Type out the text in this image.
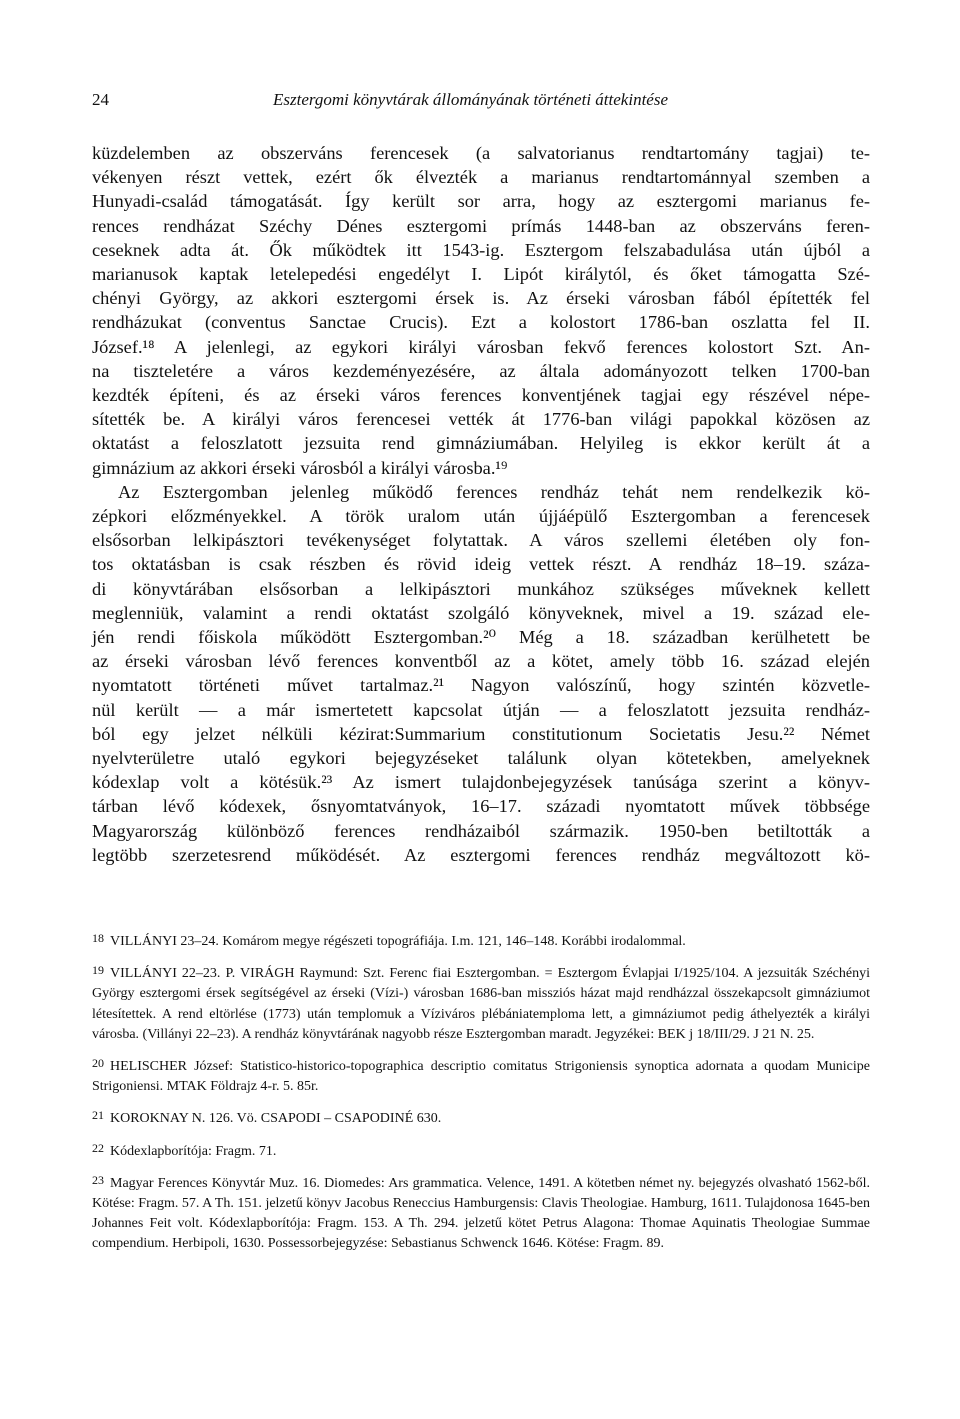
24	Esztergomi könyvtárak állományának történeti áttekintése
küzdelemben az obszerváns ferencesek (a salvatorianus rendtartomány tagjai) te-
vékenyen részt vettek, ezért ők élvezték a marianus rendtartománnyal szemben a
Hunyadi-család támogatását. Így került sor arra, hogy az esztergomi marianus fe-
rences rendházat Széchy Dénes esztergomi prímás 1448-ban az obszerváns feren-
ceseknek adta át. Ők működtek itt 1543-ig. Esztergom felszabadulása után újból a
marianusok kaptak letelepedési engedélyt I. Lipót királytól, és őket támogatta Szé-
chényi György, az akkori esztergomi érsek is. Az érseki városban fából építették fel
rendházukat (conventus Sanctae Crucis). Ezt a kolostort 1786-ban oszlatta fel II.
József.¹⁸ A jelenlegi, az egykori királyi városban fekvő ferences kolostort Szt. An-
na tiszteletére a város kezdeményezésére, az általa adományozott telken 1700-ban
kezdték építeni, és az érseki város ferences konventjének tagjai egy részével népe-
sítették be. A királyi város ferencesei vették át 1776-ban világi papokkal közösen az
oktatást a feloszlatott jezsuita rend gimnáziumában. Helyileg is ekkor került át a
gimnázium az akkori érseki városból a királyi városba.¹⁹
Az Esztergomban jelenleg működő ferences rendház tehát nem rendelkezik kö-
zépkori előzményekkel. A török uralom után újjáépülő Esztergomban a ferencesek
elsősorban lelkipásztori tevékenységet folytattak. A város szellemi életében oly fon-
tos oktatásban is csak részben és rövid ideig vettek részt. A rendház 18–19. száza-
di könyvtárában elsősorban a lelkipásztori munkához szükséges műveknek kellett
meglenniük, valamint a rendi oktatást szolgáló könyveknek, mivel a 19. század ele-
jén rendi főiskola működött Esztergomban.²⁰ Még a 18. században kerülhetett be
az érseki városban lévő ferences konventből az a kötet, amely több 16. század elején
nyomtatott történeti művet tartalmaz.²¹ Nagyon valószínű, hogy szintén közvetle-
nül került — a már ismertetett kapcsolat útján — a feloszlatott jezsuita rendház-
ból egy jelzet nélküli kézirat:Summarium constitutionum Societatis Jesu.²² Német
nyelvterületre utaló egykori bejegyzéseket találunk olyan kötetekben, amelyeknek
kódexlap volt a kötésük.²³ Az ismert tulajdonbejegyzések tanúsága szerint a könyv-
tárban lévő kódexek, ősnyomtatványok, 16–17. századi nyomtatott művek többsége
Magyarország különböző ferences rendházaiból származik. 1950-ben betiltották a
legtöbb szerzetesrend működését. Az esztergomi ferences rendház megváltozott kö-

18 VILLÁNYI 23–24. Komárom megye régészeti topográfiája. I.m. 121, 146–148. Korábbi irodalommal.

19 VILLÁNYI 22–23. P. VIRÁGH Raymund: Szt. Ferenc fiai Esztergomban. = Esztergom Évlapjai I/1925/104. A jezsuiták Széchényi György esztergomi érsek segítségével az érseki (Vízi-) városban 1686-ban missziós házat majd rendházzal összekapcsolt gimnáziumot létesítettek. A rend eltörlése (1773) után templomuk a Víziváros plébániatemploma lett, a gimnáziumot pedig áthelyezték a királyi városba. (Villányi 22–23). A rendház könyvtárának nagyobb része Esztergomban maradt. Jegyzékei: BEK j 18/III/29. J 21 N. 25.

20 HELISCHER József: Statistico-historico-topographica descriptio comitatus Strigoniensis synoptica adornata a quodam Municipe Strigoniensi. MTAK Földrajz 4-r. 5. 85r.

21 KOROKNAY N. 126. Vö. CSAPODI – CSAPODINÉ 630.

22 Kódexlapborítója: Fragm. 71.

23 Magyar Ferences Könyvtár Muz. 16. Diomedes: Ars grammatica. Velence, 1491. A kötetben német ny. bejegyzés olvasható 1562-ből. Kötése: Fragm. 57. A Th. 151. jelzetű könyv Jacobus Reneccius Hamburgensis: Clavis Theologiae. Hamburg, 1611. Tulajdonosa 1645-ben Johannes Feit volt. Kódexlapborítója: Fragm. 153. A Th. 294. jelzetű kötet Petrus Alagona: Thomae Aquinatis Theologiae Summae compendium. Herbipoli, 1630. Possessorbejegyzése: Sebastianus Schwenck 1646. Kötése: Fragm. 89.
